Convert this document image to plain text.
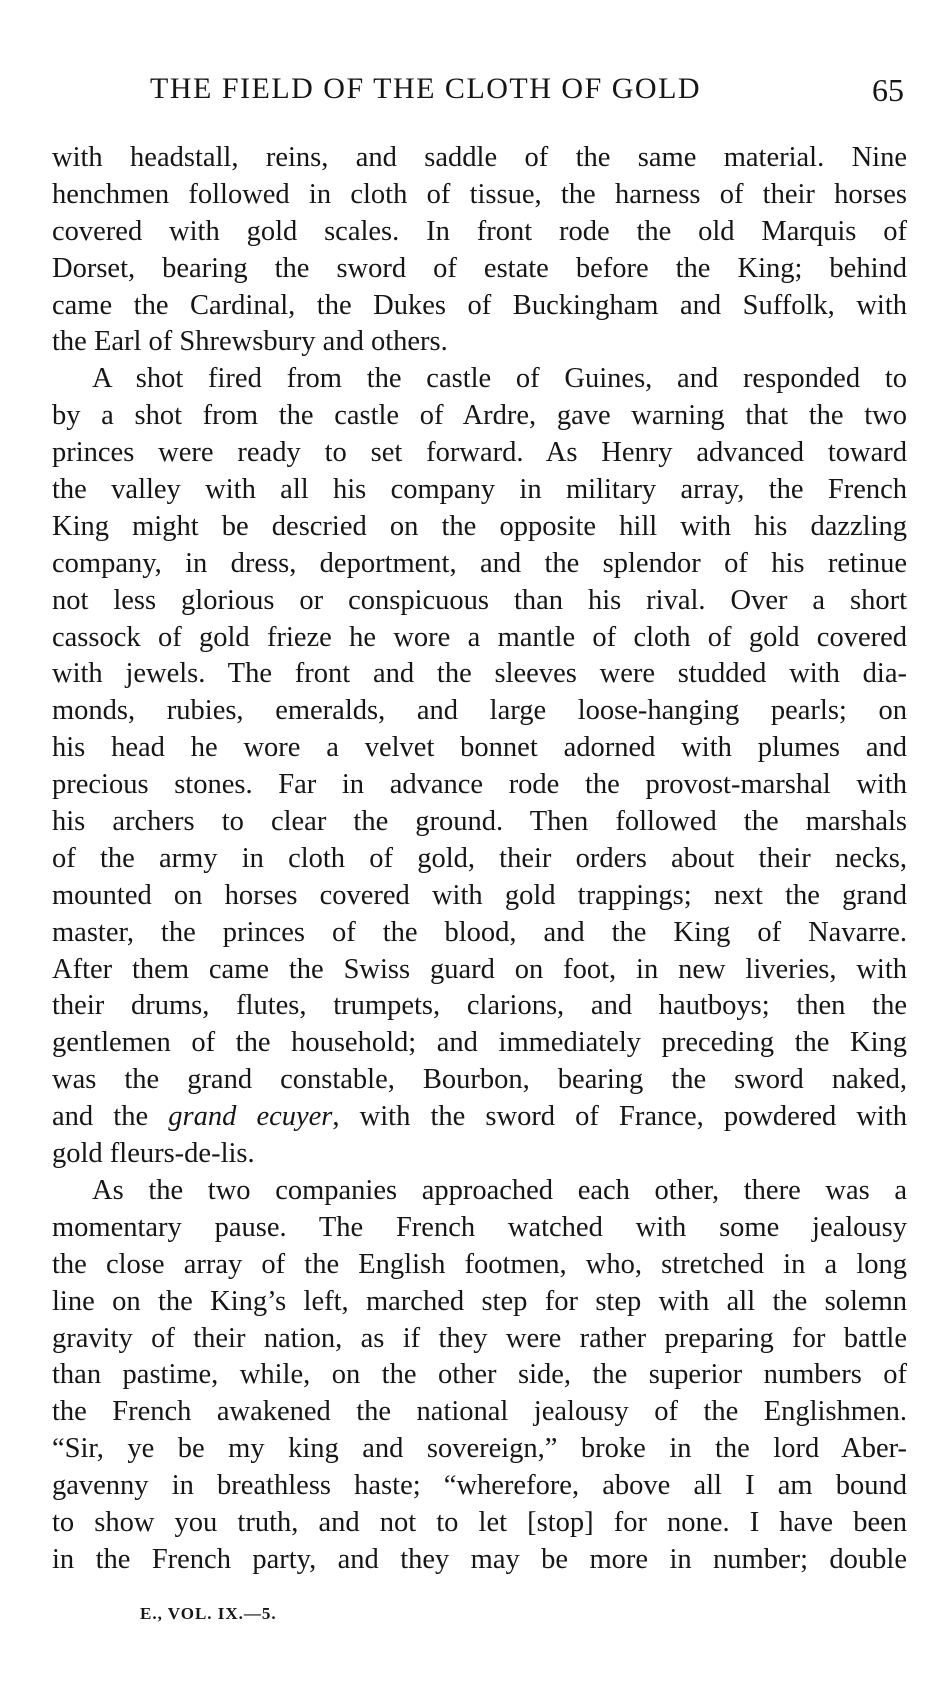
THE FIELD OF THE CLOTH OF GOLD	65
with headstall, reins, and saddle of the same material. Nine
henchmen followed in cloth of tissue, the harness of their horses
covered with gold scales. In front rode the old Marquis of
Dorset, bearing the sword of estate before the King; behind
came the Cardinal, the Dukes of Buckingham and Suffolk, with
the Earl of Shrewsbury and others.
A shot fired from the castle of Guines, and responded to
by a shot from the castle of Ardre, gave warning that the two
princes were ready to set forward. As Henry advanced toward
the valley with all his company in military array, the French
King might be descried on the opposite hill with his dazzling
company, in dress, deportment, and the splendor of his retinue
not less glorious or conspicuous than his rival. Over a short
cassock of gold frieze he wore a mantle of cloth of gold covered
with jewels. The front and the sleeves were studded with dia-
monds, rubies, emeralds, and large loose-hanging pearls; on
his head he wore a velvet bonnet adorned with plumes and
precious stones. Far in advance rode the provost-marshal with
his archers to clear the ground. Then followed the marshals
of the army in cloth of gold, their orders about their necks,
mounted on horses covered with gold trappings; next the grand
master, the princes of the blood, and the King of Navarre.
After them came the Swiss guard on foot, in new liveries, with
their drums, flutes, trumpets, clarions, and hautboys; then the
gentlemen of the household; and immediately preceding the King
was the grand constable, Bourbon, bearing the sword naked,
and the grand ecuyer, with the sword of France, powdered with
gold fleurs-de-lis.
As the two companies approached each other, there was a
momentary pause. The French watched with some jealousy
the close array of the English footmen, who, stretched in a long
line on the King’s left, marched step for step with all the solemn
gravity of their nation, as if they were rather preparing for battle
than pastime, while, on the other side, the superior numbers of
the French awakened the national jealousy of the Englishmen.
“Sir, ye be my king and sovereign,” broke in the lord Aber-
gavenny in breathless haste; “wherefore, above all I am bound
to show you truth, and not to let [stop] for none. I have been
in the French party, and they may be more in number; double
E., VOL. IX.—5.
